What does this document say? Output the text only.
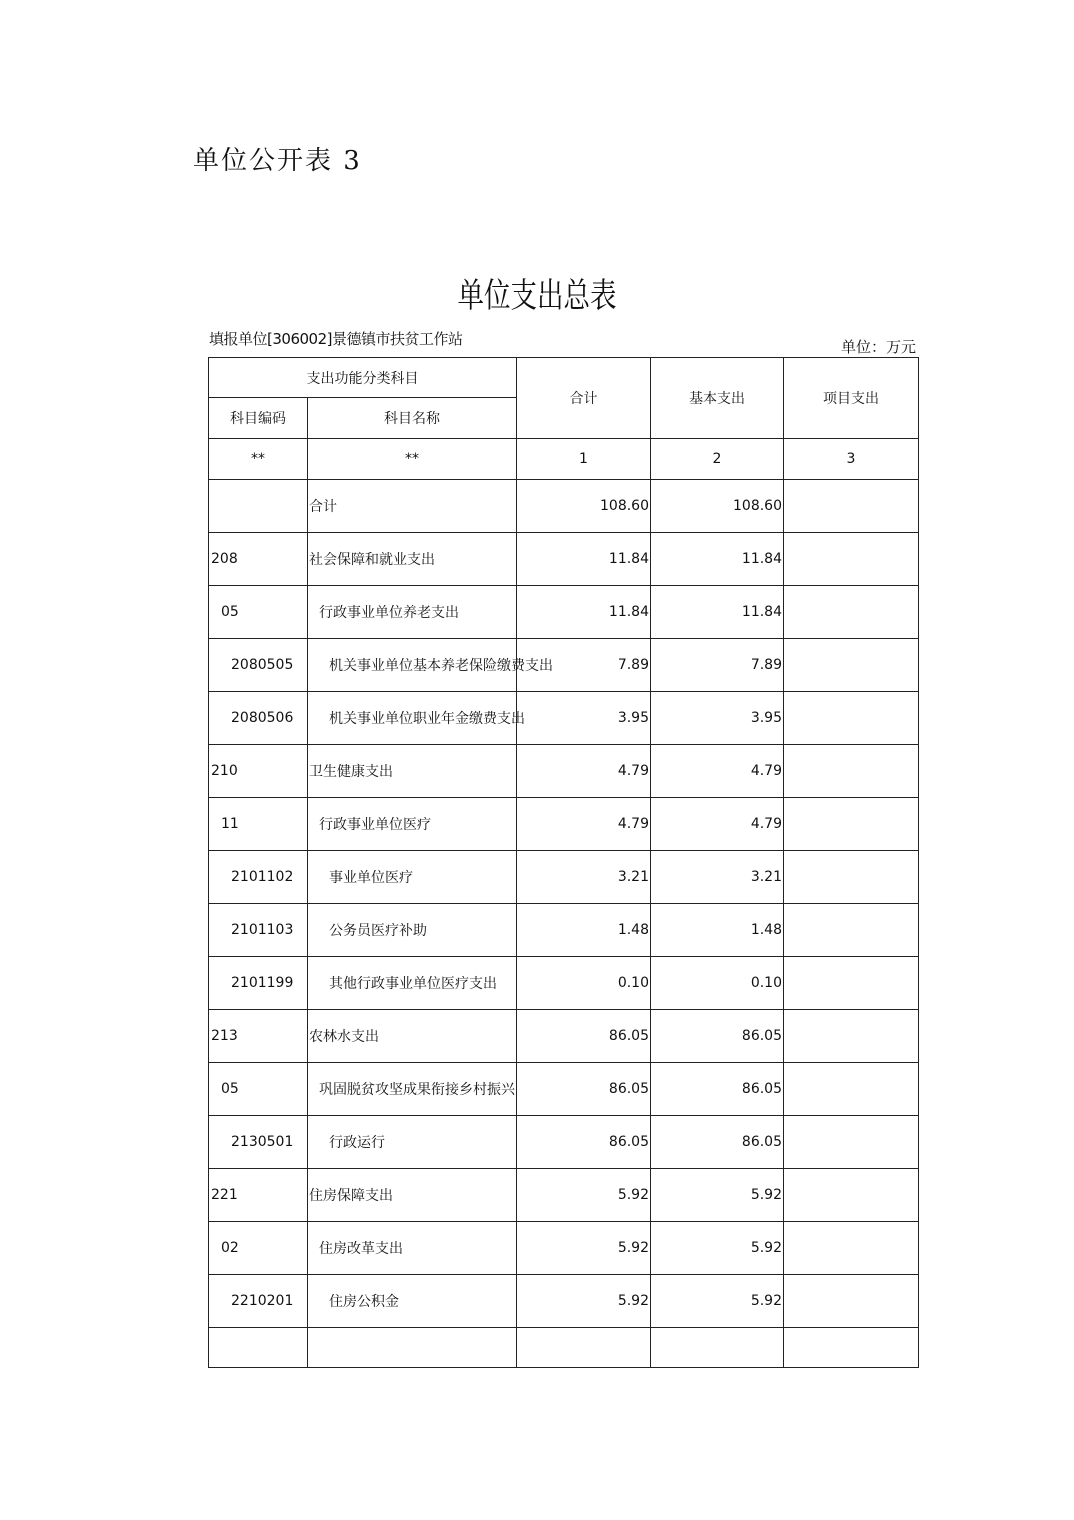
单位公开表 3
单位支出总表
填报单位[306002]景德镇市扶贫工作站	单位：万元
支出功能分类科目		合计	基本支出	项目支出
科目编码	科目名称			
**	**	1	2	3
	合计	108.60	108.60	
208	社会保障和就业支出	11.84	11.84	
05	行政事业单位养老支出	11.84	11.84	
2080505	机关事业单位基本养老保险缴费支出	7.89	7.89	
2080506	机关事业单位职业年金缴费支出	3.95	3.95	
210	卫生健康支出	4.79	4.79	
11	行政事业单位医疗	4.79	4.79	
2101102	事业单位医疗	3.21	3.21	
2101103	公务员医疗补助	1.48	1.48	
2101199	其他行政事业单位医疗支出	0.10	0.10	
213	农林水支出	86.05	86.05	
05	巩固脱贫攻坚成果衔接乡村振兴	86.05	86.05	
2130501	行政运行	86.05	86.05	
221	住房保障支出	5.92	5.92	
02	住房改革支出	5.92	5.92	
2210201	住房公积金	5.92	5.92	
